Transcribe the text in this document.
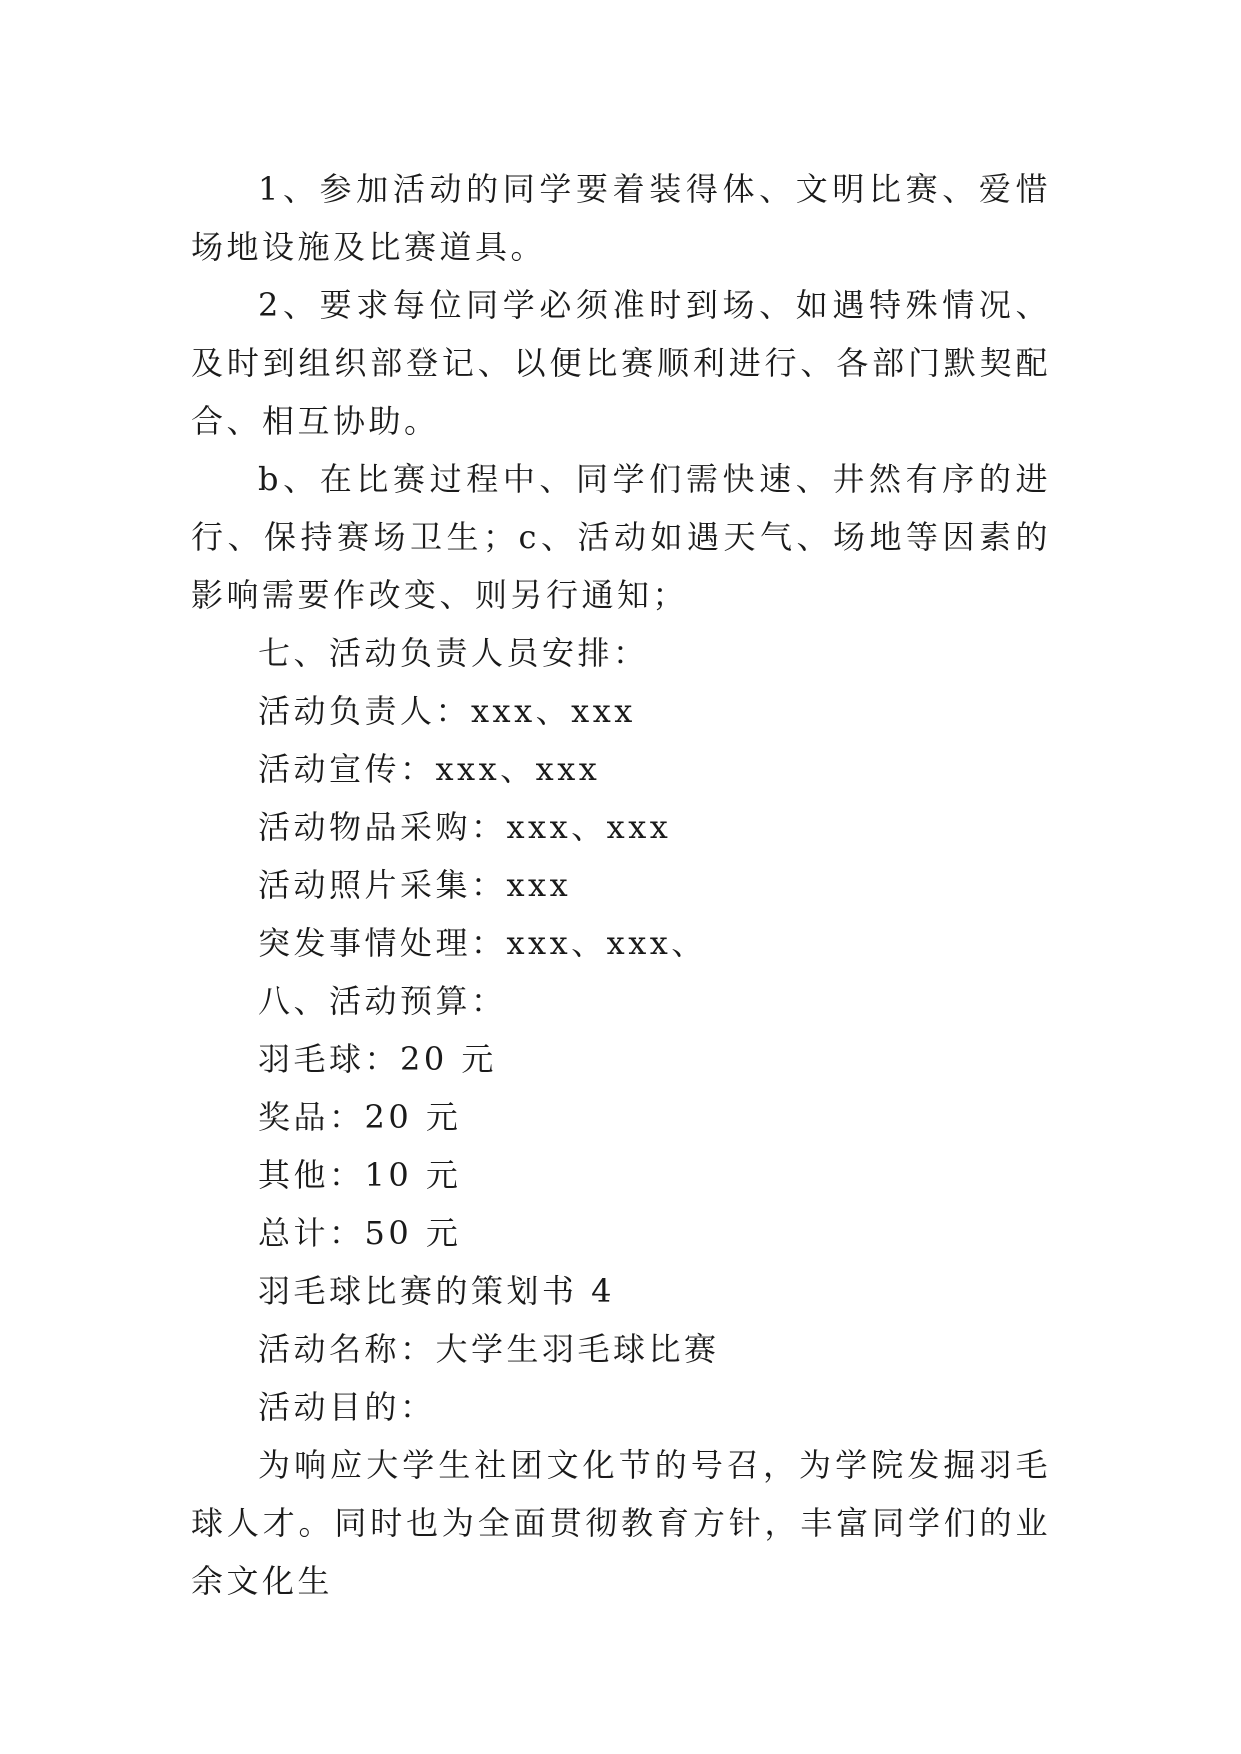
1、参加活动的同学要着装得体、文明比赛、爱惜场地设施及比赛道具。

2、要求每位同学必须准时到场、如遇特殊情况、及时到组织部登记、以便比赛顺利进行、各部门默契配合、相互协助。

b、在比赛过程中、同学们需快速、井然有序的进行、保持赛场卫生；c、活动如遇天气、场地等因素的影响需要作改变、则另行通知；

七、活动负责人员安排：

活动负责人：xxx、xxx

活动宣传：xxx、xxx

活动物品采购：xxx、xxx

活动照片采集：xxx

突发事情处理：xxx、xxx、

八、活动预算：

羽毛球：20 元

奖品：20 元

其他：10 元

总计：50 元

羽毛球比赛的策划书 4

活动名称：大学生羽毛球比赛

活动目的：

为响应大学生社团文化节的号召，为学院发掘羽毛球人才。同时也为全面贯彻教育方针，丰富同学们的业余文化生
